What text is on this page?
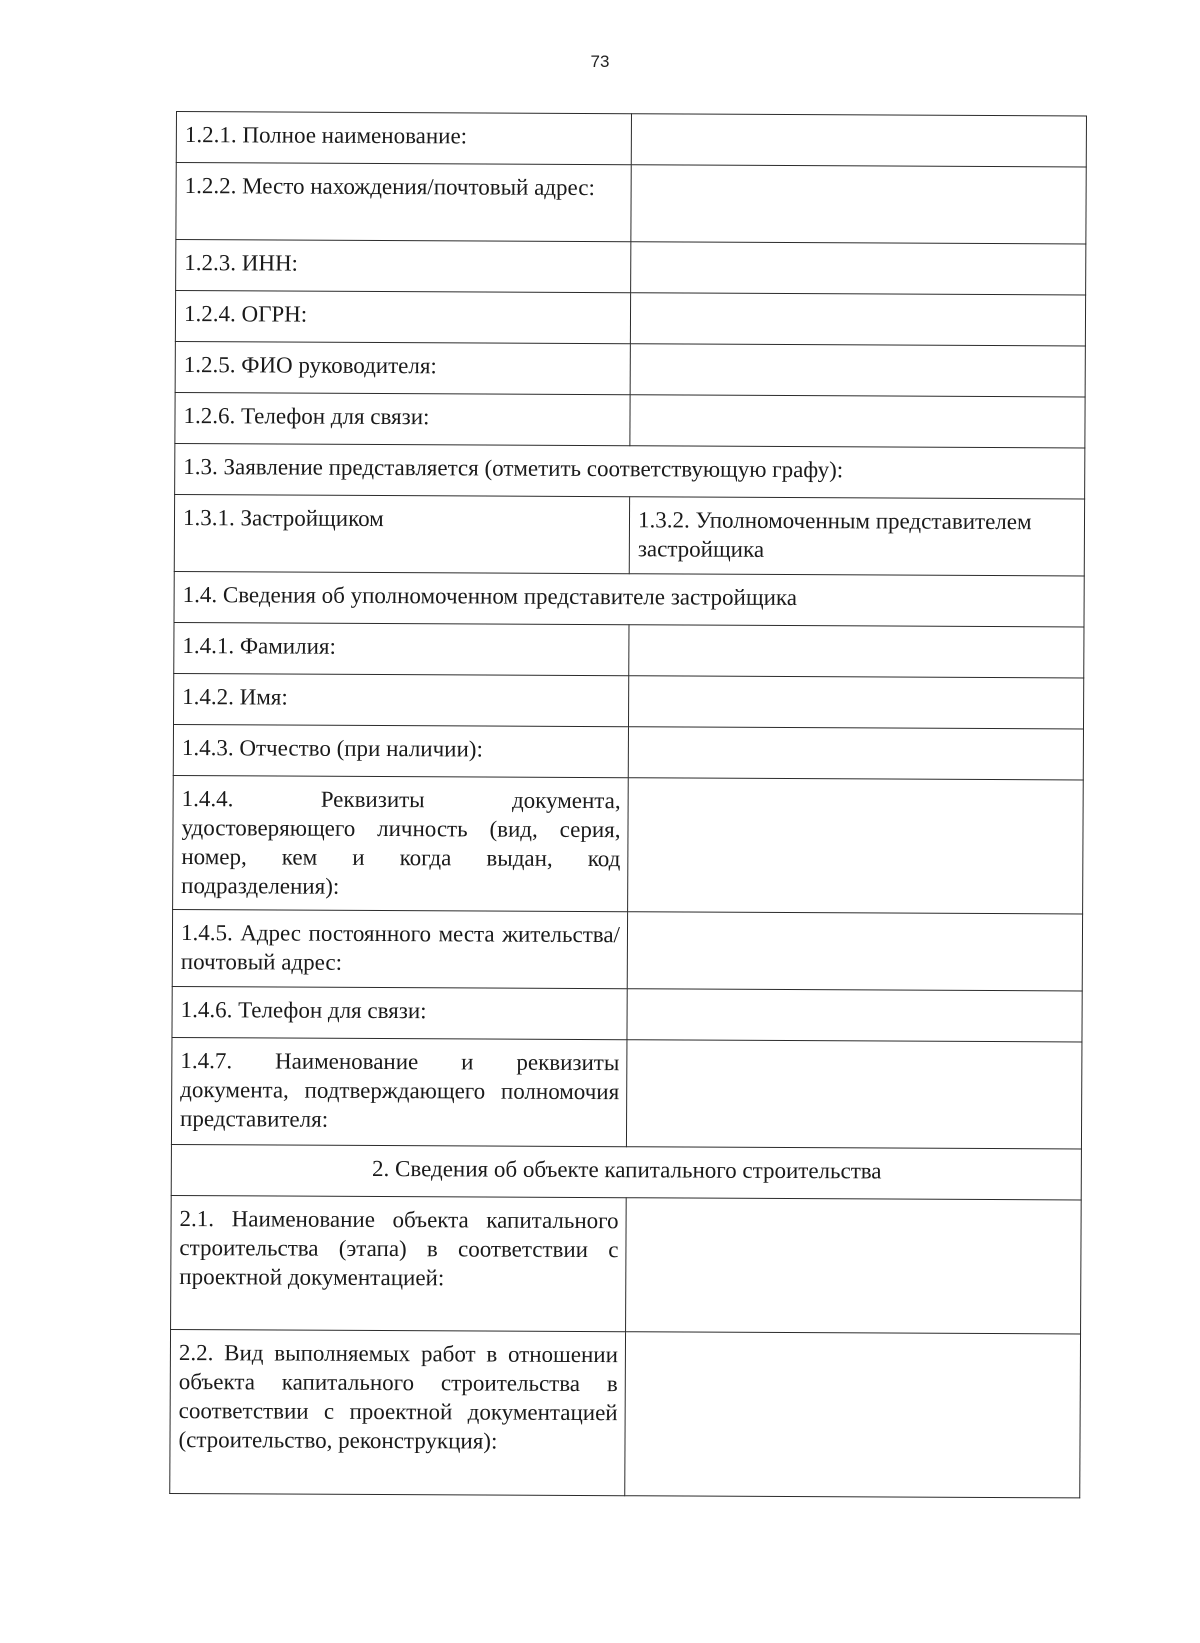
73
1.2.1. Полное наименование:	
1.2.2. Место нахождения/почтовый адрес:	
1.2.3. ИНН:	
1.2.4. ОГРН:	
1.2.5. ФИО руководителя:	
1.2.6. Телефон для связи:	
1.3. Заявление представляется (отметить соответствующую графу):	
1.3.1. Застройщиком	1.3.2. Уполномоченным представителем застройщика
1.4. Сведения об уполномоченном представителе застройщика	
1.4.1. Фамилия:	
1.4.2. Имя:	
1.4.3. Отчество (при наличии):	
1.4.4. Реквизиты документа, удостоверяющего личность (вид, серия, номер, кем и когда выдан, код подразделения):	
1.4.5. Адрес постоянного места жительства/почтовый адрес:	
1.4.6. Телефон для связи:	
1.4.7. Наименование и реквизиты документа, подтверждающего полномочия представителя:	
2. Сведения об объекте капитального строительства	
2.1. Наименование объекта капитального строительства (этапа) в соответствии с проектной документацией:	
2.2. Вид выполняемых работ в отношении объекта капитального строительства в соответствии с проектной документацией (строительство, реконструкция):	
